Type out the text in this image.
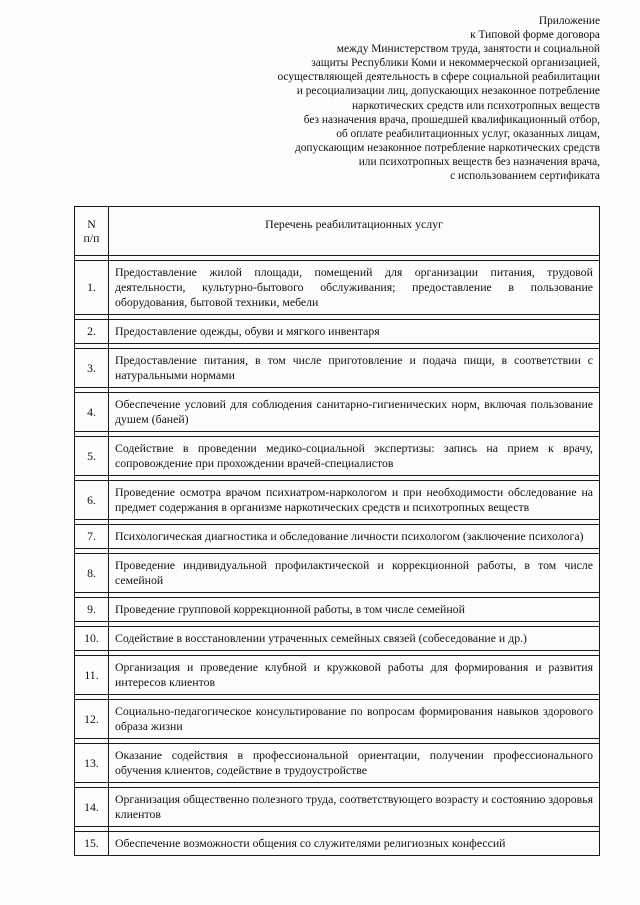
Приложение
к Типовой форме договора
между Министерством труда, занятости и социальной
защиты Республики Коми и некоммерческой организацией,
осуществляющей деятельность в сфере социальной реабилитации
и ресоциализации лиц, допускающих незаконное потребление
наркотических средств или психотропных веществ
без назначения врача, прошедшей квалификационный отбор,
об оплате реабилитационных услуг, оказанных лицам,
допускающим незаконное потребление наркотических средств
или психотропных веществ без назначения врача,
с использованием сертификата
N
п/п	Перечень реабилитационных услуг

1.	Предоставление жилой площади, помещений для организации питания, трудовой деятельности, культурно-бытового обслуживания; предоставление в пользование оборудования, бытовой техники, мебели

2.	Предоставление одежды, обуви и мягкого инвентаря

3.	Предоставление питания, в том числе приготовление и подача пищи, в соответствии с натуральными нормами

4.	Обеспечение условий для соблюдения санитарно-гигиенических норм, включая пользование душем (баней)

5.	Содействие в проведении медико-социальной экспертизы: запись на прием к врачу, сопровождение при прохождении врачей-специалистов

6.	Проведение осмотра врачом психиатром-наркологом и при необходимости обследование на предмет содержания в организме наркотических средств и психотропных веществ

7.	Психологическая диагностика и обследование личности психологом (заключение психолога)

8.	Проведение индивидуальной профилактической и коррекционной работы, в том числе семейной

9.	Проведение групповой коррекционной работы, в том числе семейной

10.	Содействие в восстановлении утраченных семейных связей (собеседование и др.)

11.	Организация и проведение клубной и кружковой работы для формирования и развития интересов клиентов

12.	Социально-педагогическое консультирование по вопросам формирования навыков здорового образа жизни

13.	Оказание содействия в профессиональной ориентации, получении профессионального обучения клиентов, содействие в трудоустройстве

14.	Организация общественно полезного труда, соответствующего возрасту и состоянию здоровья клиентов

15.	Обеспечение возможности общения со служителями религиозных конфессий
